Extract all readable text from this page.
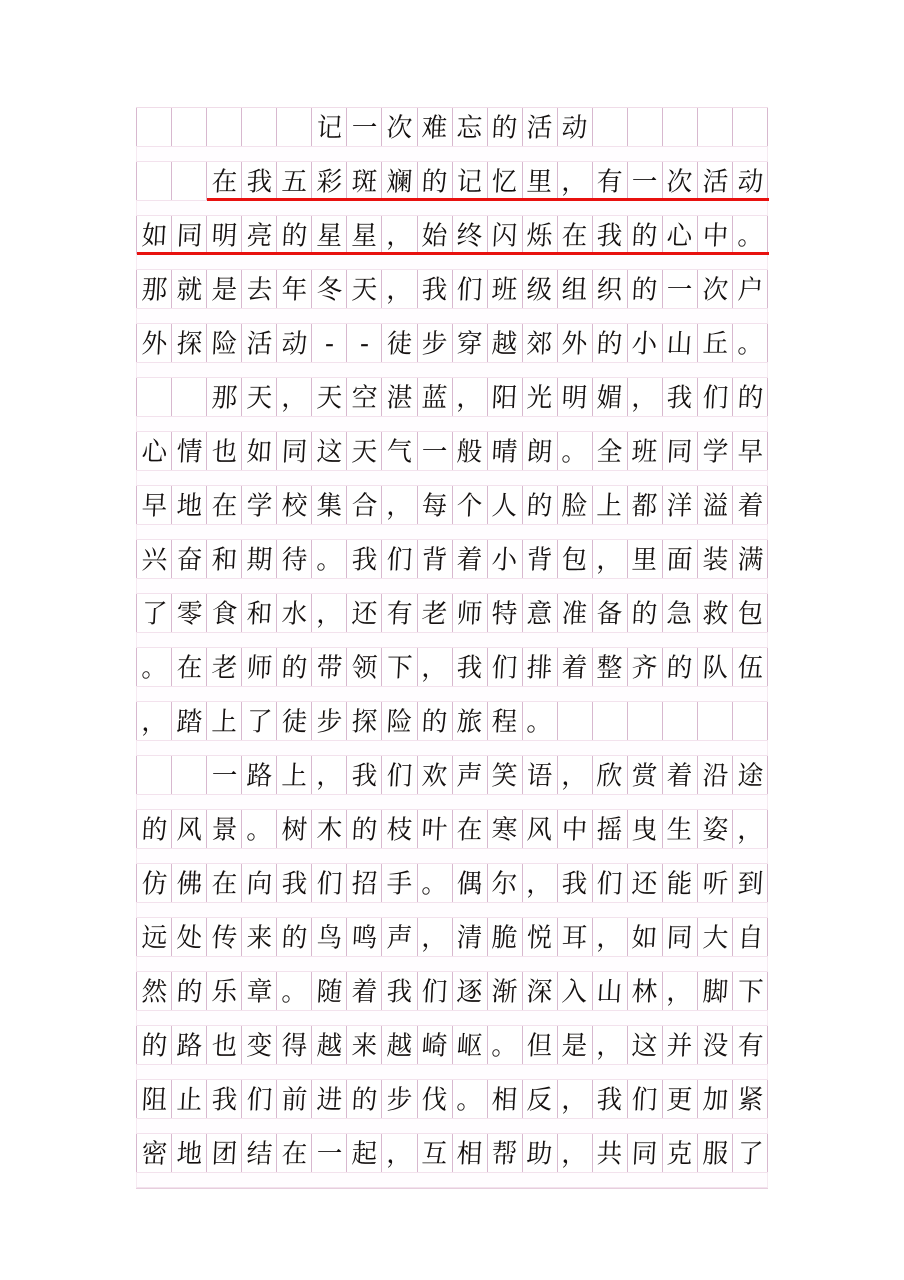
记 一 次 难 忘 的 活 动
在 我 五 彩 斑 斓 的 记 忆 里 ， 有 一 次 活 动
如 同 明 亮 的 星 星 ， 始 终 闪 烁 在 我 的 心 中 。
那 就 是 去 年 冬 天 ， 我 们 班 级 组 织 的 一 次 户
外 探 险 活 动 - - 徒 步 穿 越 郊 外 的 小 山 丘 。
那 天 ， 天 空 湛 蓝 ， 阳 光 明 媚 ， 我 们 的
心 情 也 如 同 这 天 气 一 般 晴 朗 。 全 班 同 学 早
早 地 在 学 校 集 合 ， 每 个 人 的 脸 上 都 洋 溢 着
兴 奋 和 期 待 。 我 们 背 着 小 背 包 ， 里 面 装 满
了 零 食 和 水 ， 还 有 老 师 特 意 准 备 的 急 救 包
。 在 老 师 的 带 领 下 ， 我 们 排 着 整 齐 的 队 伍
， 踏 上 了 徒 步 探 险 的 旅 程 。
一 路 上 ， 我 们 欢 声 笑 语 ， 欣 赏 着 沿 途
的 风 景 。 树 木 的 枝 叶 在 寒 风 中 摇 曳 生 姿 ，
仿 佛 在 向 我 们 招 手 。 偶 尔 ， 我 们 还 能 听 到
远 处 传 来 的 鸟 鸣 声 ， 清 脆 悦 耳 ， 如 同 大 自
然 的 乐 章 。 随 着 我 们 逐 渐 深 入 山 林 ， 脚 下
的 路 也 变 得 越 来 越 崎 岖 。 但 是 ， 这 并 没 有
阻 止 我 们 前 进 的 步 伐 。 相 反 ， 我 们 更 加 紧
密 地 团 结 在 一 起 ， 互 相 帮 助 ， 共 同 克 服 了
